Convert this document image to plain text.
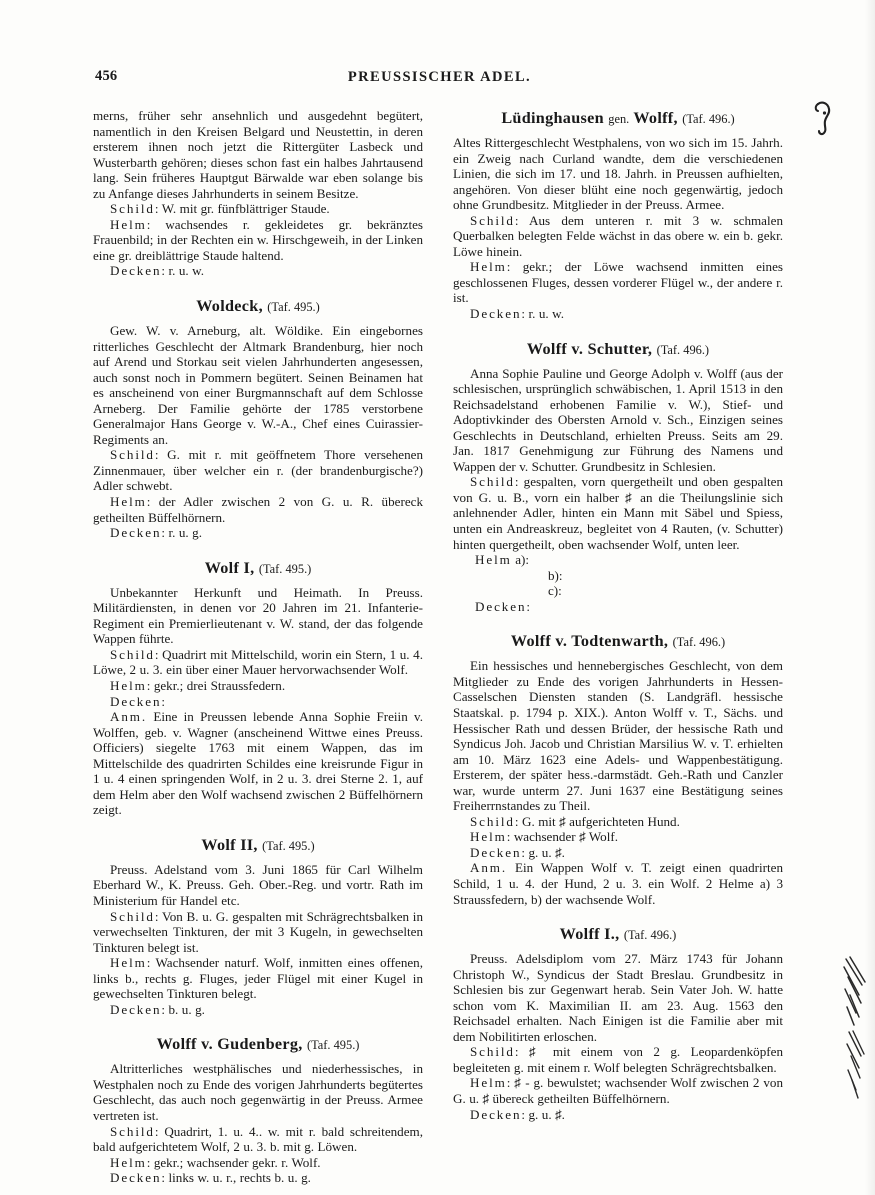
456	PREUSSISCHER ADEL.

merns, früher sehr ansehnlich und ausgedehnt begütert, namentlich in den Kreisen Belgard und Neustettin, in deren ersterem ihnen noch jetzt die Rittergüter Lasbeck und Wusterbarth gehören; dieses schon fast ein halbes Jahrtausend lang. Sein früheres Hauptgut Bärwalde war eben solange bis zu Anfange dieses Jahrhunderts in seinem Besitze.

Schild: W. mit gr. fünfblättriger Staude.

Helm: wachsendes r. gekleidetes gr. bekränztes Frauenbild; in der Rechten ein w. Hirschgeweih, in der Linken eine gr. dreiblättrige Staude haltend.

Decken: r. u. w.

Woldeck, (Taf. 495.)

Gew. W. v. Arneburg, alt. Wöldike. Ein eingebornes ritterliches Geschlecht der Altmark Brandenburg, hier noch auf Arend und Storkau seit vielen Jahrhunderten angesessen, auch sonst noch in Pommern begütert. Seinen Beinamen hat es anscheinend von einer Burgmannschaft auf dem Schlosse Arneberg. Der Familie gehörte der 1785 verstorbene Generalmajor Hans George v. W.-A., Chef eines Cuirassier-Regiments an.

Schild: G. mit r. mit geöffnetem Thore versehenen Zinnenmauer, über welcher ein r. (der brandenburgische?) Adler schwebt.

Helm: der Adler zwischen 2 von G. u. R. übereck getheilten Büffelhörnern.

Decken: r. u. g.

Wolf I, (Taf. 495.)

Unbekannter Herkunft und Heimath. In Preuss. Militärdiensten, in denen vor 20 Jahren im 21. Infanterie-Regiment ein Premierlieutenant v. W. stand, der das folgende Wappen führte.

Schild: Quadrirt mit Mittelschild, worin ein Stern, 1 u. 4. Löwe, 2 u. 3. ein über einer Mauer hervorwachsender Wolf.

Helm: gekr.; drei Straussfedern.

Decken:

Anm. Eine in Preussen lebende Anna Sophie Freiin v. Wolffen, geb. v. Wagner (anscheinend Wittwe eines Preuss. Officiers) siegelte 1763 mit einem Wappen, das im Mittelschilde des quadrirten Schildes eine kreisrunde Figur in 1 u. 4 einen springenden Wolf, in 2 u. 3. drei Sterne 2. 1, auf dem Helm aber den Wolf wachsend zwischen 2 Büffelhörnern zeigt.

Wolf II, (Taf. 495.)

Preuss. Adelstand vom 3. Juni 1865 für Carl Wilhelm Eberhard W., K. Preuss. Geh. Ober.-Reg. und vortr. Rath im Ministerium für Handel etc.

Schild: Von B. u. G. gespalten mit Schrägrechtsbalken in verwechselten Tinkturen, der mit 3 Kugeln, in gewechselten Tinkturen belegt ist.

Helm: Wachsender naturf. Wolf, inmitten eines offenen, links b., rechts g. Fluges, jeder Flügel mit einer Kugel in gewechselten Tinkturen belegt.

Decken: b. u. g.

Wolff v. Gudenberg, (Taf. 495.)

Altritterliches westphälisches und niederhessisches, in Westphalen noch zu Ende des vorigen Jahrhunderts begütertes Geschlecht, das auch noch gegenwärtig in der Preuss. Armee vertreten ist.

Schild: Quadrirt, 1. u. 4.. w. mit r. bald schreitendem, bald aufgerichtetem Wolf, 2 u. 3. b. mit g. Löwen.

Helm: gekr.; wachsender gekr. r. Wolf.

Decken: links w. u. r., rechts b. u. g.

Lüdinghausen gen. Wolff, (Taf. 496.)

Altes Rittergeschlecht Westphalens, von wo sich im 15. Jahrh. ein Zweig nach Curland wandte, dem die verschiedenen Linien, die sich im 17. und 18. Jahrh. in Preussen aufhielten, angehören. Von dieser blüht eine noch gegenwärtig, jedoch ohne Grundbesitz. Mitglieder in der Preuss. Armee.

Schild: Aus dem unteren r. mit 3 w. schmalen Querbalken belegten Felde wächst in das obere w. ein b. gekr. Löwe hinein.

Helm: gekr.; der Löwe wachsend inmitten eines geschlossenen Fluges, dessen vorderer Flügel w., der andere r. ist.

Decken: r. u. w.

Wolff v. Schutter, (Taf. 496.)

Anna Sophie Pauline und George Adolph v. Wolff (aus der schlesischen, ursprünglich schwäbischen, 1. April 1513 in den Reichsadelstand erhobenen Familie v. W.), Stief- und Adoptivkinder des Obersten Arnold v. Sch., Einzigen seines Geschlechts in Deutschland, erhielten Preuss. Seits am 29. Jan. 1817 Genehmigung zur Führung des Namens und Wappen der v. Schutter. Grundbesitz in Schlesien.

Schild: gespalten, vorn quergetheilt und oben gespalten von G. u. B., vorn ein halber ♯ an die Theilungslinie sich anlehnender Adler, hinten ein Mann mit Säbel und Spiess, unten ein Andreaskreuz, begleitet von 4 Rauten, (v. Schutter) hinten quergetheilt, oben wachsender Wolf, unten leer.

Helm a):

b):

c):

Decken:

Wolff v. Todtenwarth, (Taf. 496.)

Ein hessisches und hennebergisches Geschlecht, von dem Mitglieder zu Ende des vorigen Jahrhunderts in Hessen-Casselschen Diensten standen (S. Landgräfl. hessische Staatskal. p. 1794 p. XIX.). Anton Wolff v. T., Sächs. und Hessischer Rath und dessen Brüder, der hessische Rath und Syndicus Joh. Jacob und Christian Marsilius W. v. T. erhielten am 10. März 1623 eine Adels- und Wappenbestätigung. Ersterem, der später hess.-darmstädt. Geh.-Rath und Canzler war, wurde unterm 27. Juni 1637 eine Bestätigung seines Freiherrnstandes zu Theil.

Schild: G. mit ♯ aufgerichteten Hund.

Helm: wachsender ♯ Wolf.

Decken: g. u. ♯.

Anm. Ein Wappen Wolf v. T. zeigt einen quadrirten Schild, 1 u. 4. der Hund, 2 u. 3. ein Wolf. 2 Helme a) 3 Straussfedern, b) der wachsende Wolf.

Wolff I., (Taf. 496.)

Preuss. Adelsdiplom vom 27. März 1743 für Johann Christoph W., Syndicus der Stadt Breslau. Grundbesitz in Schlesien bis zur Gegenwart herab. Sein Vater Joh. W. hatte schon vom K. Maximilian II. am 23. Aug. 1563 den Reichsadel erhalten. Nach Einigen ist die Familie aber mit dem Nobilitirten erloschen.

Schild: ♯ mit einem von 2 g. Leopardenköpfen begleiteten g. mit einem r. Wolf belegten Schrägrechtsbalken.

Helm: ♯ - g. bewulstet; wachsender Wolf zwischen 2 von G. u. ♯ übereck getheilten Büffelhörnern.

Decken: g. u. ♯.
